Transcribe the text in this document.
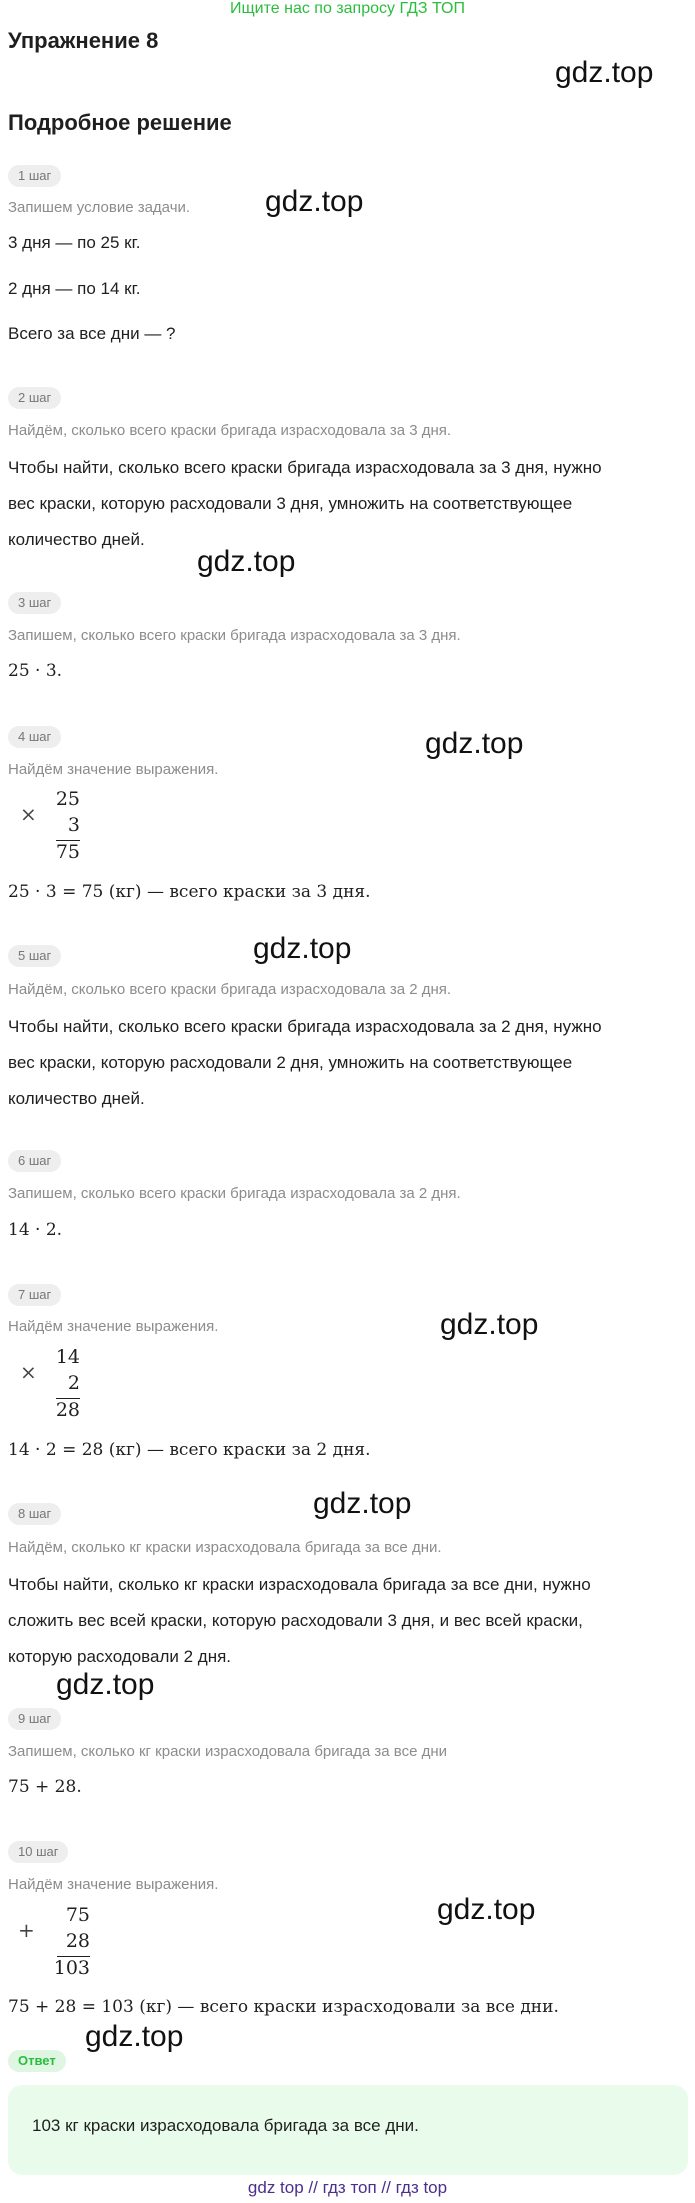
Ищите нас по запросу ГДЗ ТОП
Упражнение 8
Подробное решение
gdz.top
gdz.top
gdz.top
gdz.top
gdz.top
gdz.top
gdz.top
gdz.top
gdz.top
gdz.top
1 шаг
Запишем условие задачи.
3 дня — по 25 кг.
2 дня — по 14 кг.
Всего за все дни — ?
2 шаг
Найдём, сколько всего краски бригада израсходовала за 3 дня.
Чтобы найти, сколько всего краски бригада израсходовала за 3 дня, нужно
вес краски, которую расходовали 3 дня, умножить на соответствующее
количество дней.
3 шаг
Запишем, сколько всего краски бригада израсходовала за 3 дня.
25 · 3.
4 шаг
Найдём значение выражения.
×
25
3
75
25 · 3 = 75 (кг) — всего краски за 3 дня.
5 шаг
Найдём, сколько всего краски бригада израсходовала за 2 дня.
Чтобы найти, сколько всего краски бригада израсходовала за 2 дня, нужно
вес краски, которую расходовали 2 дня, умножить на соответствующее
количество дней.
6 шаг
Запишем, сколько всего краски бригада израсходовала за 2 дня.
14 · 2.
7 шаг
Найдём значение выражения.
×
14
2
28
14 · 2 = 28 (кг) — всего краски за 2 дня.
8 шаг
Найдём, сколько кг краски израсходовала бригада за все дни.
Чтобы найти, сколько кг краски израсходовала бригада за все дни, нужно
сложить вес всей краски, которую расходовали 3 дня, и вес всей краски,
которую расходовали 2 дня.
9 шаг
Запишем, сколько кг краски израсходовала бригада за все дни
75 + 28.
10 шаг
Найдём значение выражения.
+
75
28
103
75 + 28 = 103 (кг) — всего краски израсходовали за все дни.
Ответ
103 кг краски израсходовала бригада за все дни.
gdz top // гдз топ // гдз top
